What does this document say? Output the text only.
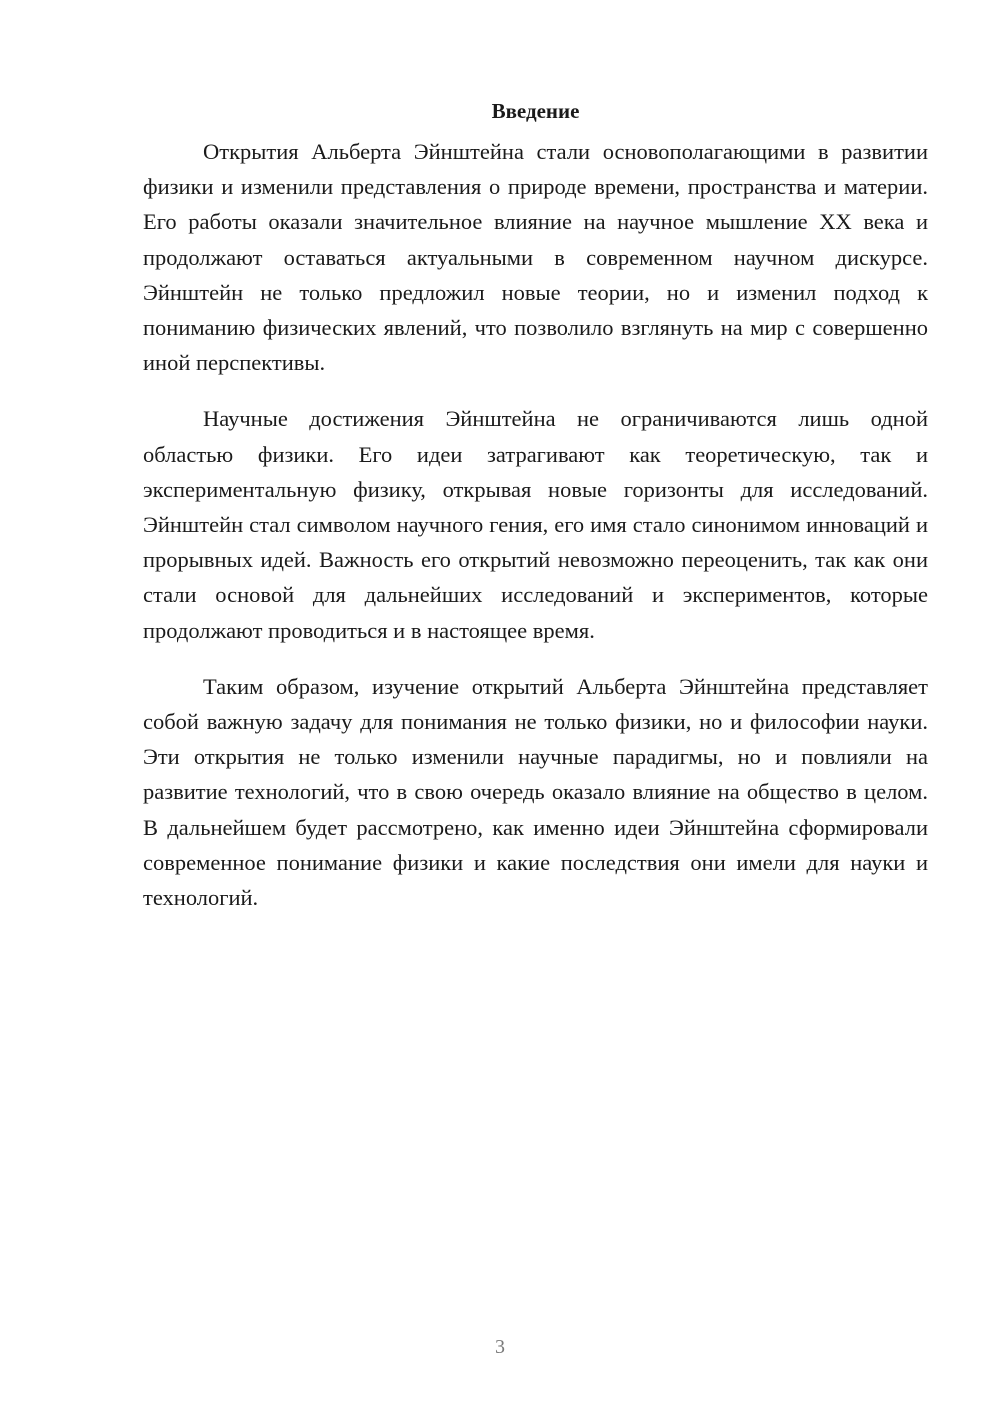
Введение

Открытия Альберта Эйнштейна стали основополагающими в развитии физики и изменили представления о природе времени, пространства и материи. Его работы оказали значительное влияние на научное мышление XX века и продолжают оставаться актуальными в современном научном дискурсе. Эйнштейн не только предложил новые теории, но и изменил подход к пониманию физических явлений, что позволило взглянуть на мир с совершенно иной перспективы.

Научные достижения Эйнштейна не ограничиваются лишь одной областью физики. Его идеи затрагивают как теоретическую, так и экспериментальную физику, открывая новые горизонты для исследований. Эйнштейн стал символом научного гения, его имя стало синонимом инноваций и прорывных идей. Важность его открытий невозможно переоценить, так как они стали основой для дальнейших исследований и экспериментов, которые продолжают проводиться и в настоящее время.

Таким образом, изучение открытий Альберта Эйнштейна представляет собой важную задачу для понимания не только физики, но и философии науки. Эти открытия не только изменили научные парадигмы, но и повлияли на развитие технологий, что в свою очередь оказало влияние на общество в целом. В дальнейшем будет рассмотрено, как именно идеи Эйнштейна сформировали современное понимание физики и какие последствия они имели для науки и технологий.

3
